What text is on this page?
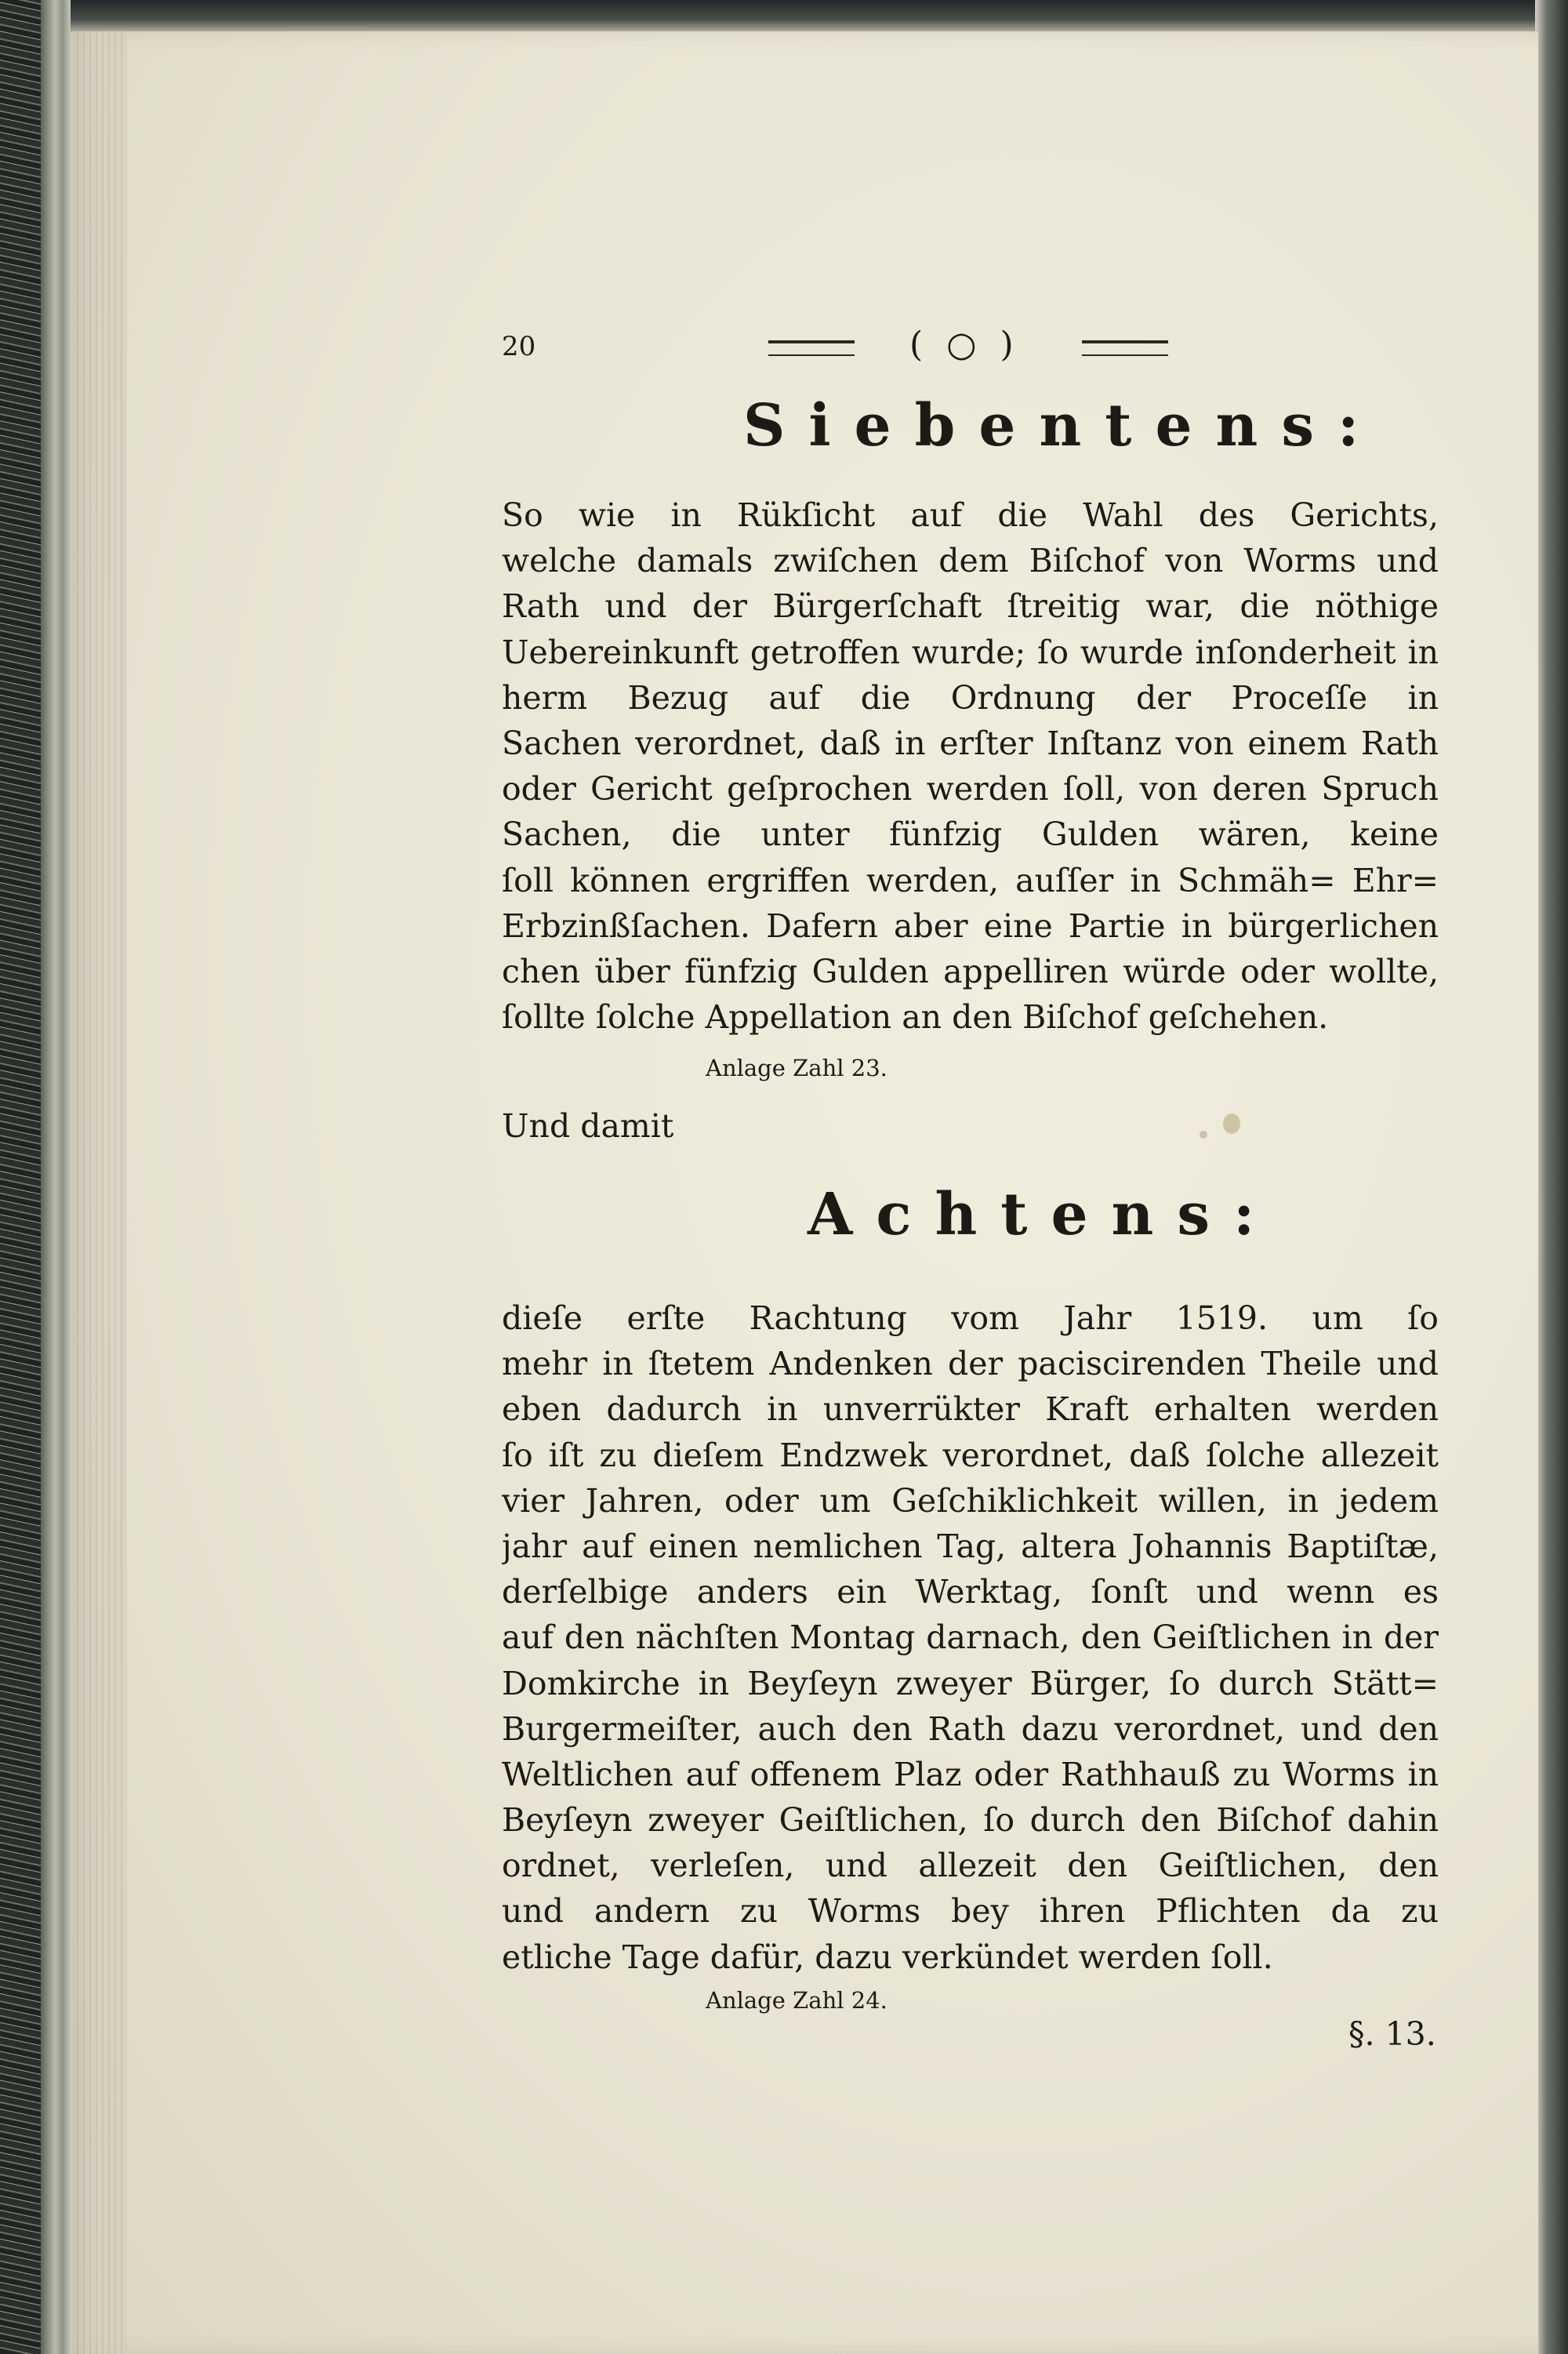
20	( ○ )
Siebentens:
So wie in Rükſicht auf die Wahl des Gerichts,
welche damals zwiſchen dem Biſchof von Worms und
Rath und der Bürgerſchaft ſtreitig war, die nöthige
Uebereinkunft getroffen wurde; ſo wurde inſonderheit in
herm Bezug auf die Ordnung der Proceſſe in
Sachen verordnet, daß in erſter Inſtanz von einem Rath
oder Gericht geſprochen werden ſoll, von deren Spruch
Sachen, die unter fünfzig Gulden wären, keine
ſoll können ergriffen werden, auſſer in Schmäh= Ehr=
Erbzinßſachen. Dafern aber eine Partie in bürgerlichen
chen über fünfzig Gulden appelliren würde oder wollte,
ſollte ſolche Appellation an den Biſchof geſchehen.
Anlage Zahl 23.
Und damit
Achtens:
dieſe erſte Rachtung vom Jahr 1519. um ſo
mehr in ſtetem Andenken der paciscirenden Theile und
eben dadurch in unverrükter Kraft erhalten werden
ſo iſt zu dieſem Endzwek verordnet, daß ſolche allezeit
vier Jahren, oder um Geſchiklichkeit willen, in jedem
jahr auf einen nemlichen Tag, altera Johannis Baptiſtæ,
derſelbige anders ein Werktag, ſonſt und wenn es
auf den nächſten Montag darnach, den Geiſtlichen in der
Domkirche in Beyſeyn zweyer Bürger, ſo durch Stätt=
Burgermeiſter, auch den Rath dazu verordnet, und den
Weltlichen auf offenem Plaz oder Rathhauß zu Worms in
Beyſeyn zweyer Geiſtlichen, ſo durch den Biſchof dahin
ordnet, verleſen, und allezeit den Geiſtlichen, den
und andern zu Worms bey ihren Pflichten da zu
etliche Tage dafür, dazu verkündet werden ſoll.
Anlage Zahl 24.
§. 13.
